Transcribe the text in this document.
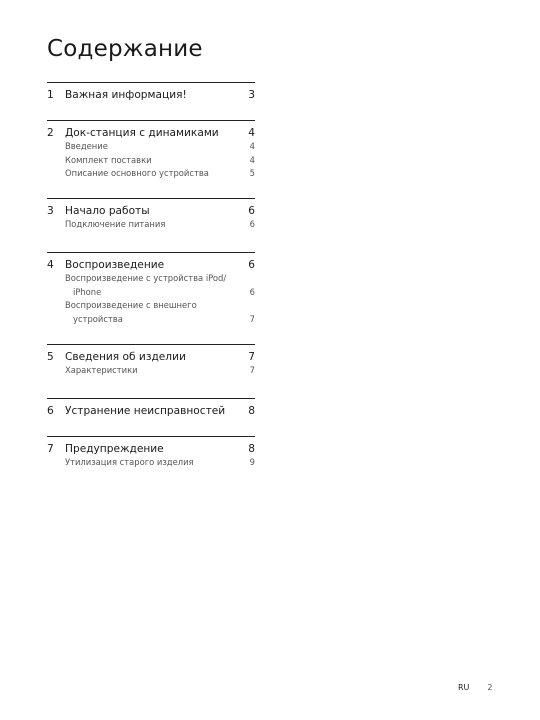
Содержание
1	Важная информация!	3
2	Док-станция с динамиками	4
Введение	4
Комплект поставки	4
Описание основного устройства	5
3	Начало работы	6
Подключение питания	6
4	Воспроизведение	6
Воспроизведение с устройства iPod/
iPhone	6
Воспроизведение с внешнего
устройства	7
5	Сведения об изделии	7
Характеристики	7
6	Устранение неисправностей	8
7	Предупреждение	8
Утилизация старого изделия	9
RU 2
